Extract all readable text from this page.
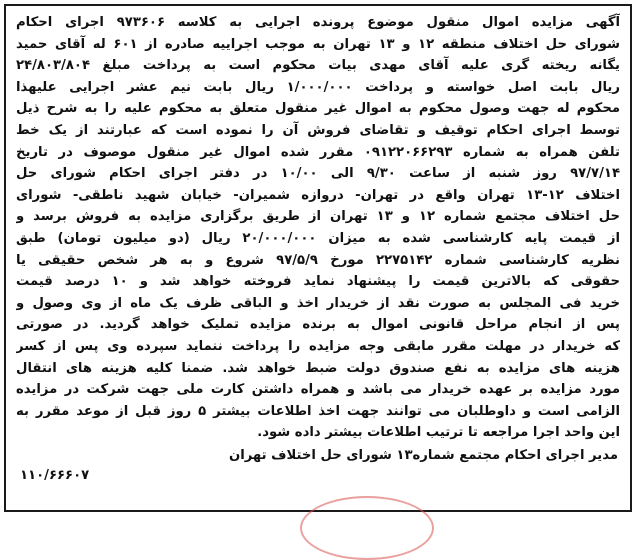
آگهی مزایده اموال منقول موضوع پرونده اجرایی به کلاسه ۹۷۳۶۰۶ اجرای احکام
شورای حل اختلاف منطقه ۱۲ و ۱۳ تهران به موجب اجراییه صادره از ۶۰۱ له آقای حمید
یگانه ریخته گری علیه آقای مهدی بیات محکوم است به پرداخت مبلغ ۲۴/۸۰۳/۸۰۴
ریال بابت اصل خواسته و پرداخت ۱/۰۰۰/۰۰۰ ریال بابت نیم عشر اجرایی علیهذا
محکوم له جهت وصول محکوم به اموال غیر منقول متعلق به محکوم علیه را به شرح ذیل
توسط اجرای احکام توقیف و تقاضای فروش آن را نموده است که عبارتند از یک خط
تلفن همراه به شماره ۰۹۱۲۲۰۶۶۲۹۳ مقرر شده اموال غیر منقول موصوف در تاریخ
۹۷/۷/۱۴ روز شنبه از ساعت ۹/۳۰ الی ۱۰/۰۰ در دفتر اجرای احکام شورای حل
اختلاف ۱۲-۱۳ تهران واقع در تهران- دروازه شمیران- خیابان شهید ناطقی- شورای
حل اختلاف مجتمع شماره ۱۲ و ۱۳ تهران از طریق برگزاری مزایده به فروش برسد و
از قیمت پایه کارشناسی شده به میزان ۲۰/۰۰۰/۰۰۰ ریال (دو میلیون تومان) طبق
نظریه کارشناسی شماره ۲۲۷۵۱۴۲ مورخ ۹۷/۵/۹ شروع و به هر شخص حقیقی یا
حقوقی که بالاترین قیمت را پیشنهاد نماید فروخته خواهد شد و ۱۰ درصد قیمت
خرید فی المجلس به صورت نقد از خریدار اخذ و الباقی ظرف یک ماه از وی وصول و
پس از انجام مراحل قانونی اموال به برنده مزایده تملیک خواهد گردید. در صورتی
که خریدار در مهلت مقرر مابقی وجه مزایده را پرداخت ننماید سپرده وی پس از کسر
هزینه های مزایده به نفع صندوق دولت ضبط خواهد شد. ضمنا کلیه هزینه های انتقال
مورد مزایده بر عهده خریدار می باشد و همراه داشتن کارت ملی جهت شرکت در مزایده
الزامی است و داوطلبان می توانند جهت اخذ اطلاعات بیشتر ۵ روز قبل از موعد مقرر به
این واحد اجرا مراجعه تا ترتیب اطلاعات بیشتر داده شود.
مدیر اجرای احکام مجتمع شماره۱۳ شورای حل اختلاف تهران
۱۱۰/۶۶۶۰۷
